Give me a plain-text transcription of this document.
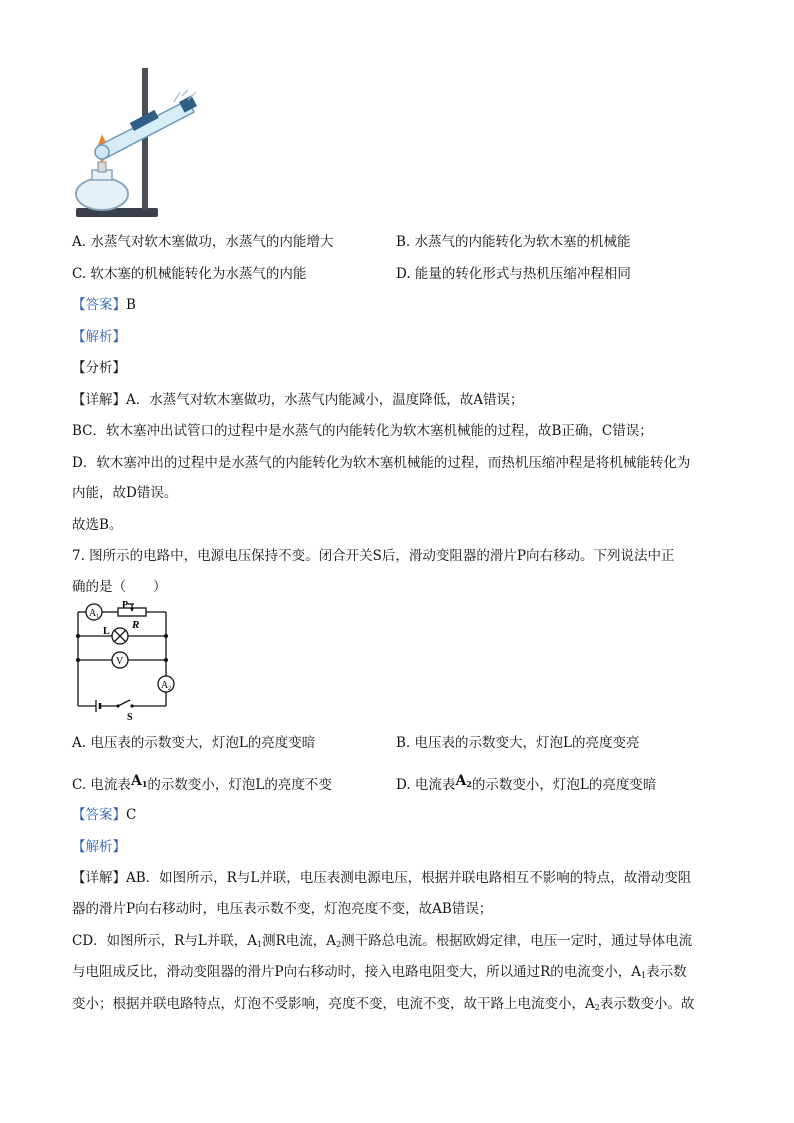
A. 水蒸气对软木塞做功，水蒸气的内能增大	B. 水蒸气的内能转化为软木塞的机械能
C. 软木塞的机械能转化为水蒸气的内能	D. 能量的转化形式与热机压缩冲程相同
【答案】B
【解析】
【分析】
【详解】A．水蒸气对软木塞做功，水蒸气内能减小，温度降低，故A错误；
BC．软木塞冲出试管口的过程中是水蒸气的内能转化为软木塞机械能的过程，故B正确，C错误；
D．软木塞冲出的过程中是水蒸气的内能转化为软木塞机械能的过程，而热机压缩冲程是将机械能转化为
内能，故D错误。
故选B。
7. 图所示的电路中，电源电压保持不变。闭合开关S后，滑动变阻器的滑片P向右移动。下列说法中正
确的是（　　）
A 1
V
A 2
P
R
L
S
A. 电压表的示数变大，灯泡L的亮度变暗	B. 电压表的示数变大，灯泡L的亮度变亮
C. 电流表$A_1$的示数变小，灯泡L的亮度不变	D. 电流表$A_2$的示数变小，灯泡L的亮度变暗
【答案】C
【解析】
【详解】AB．如图所示，R与L并联，电压表测电源电压，根据并联电路相互不影响的特点，故滑动变阻
器的滑片P向右移动时，电压表示数不变，灯泡亮度不变，故AB错误；
CD．如图所示，R与L并联，$A_1$测R电流，$A_2$测干路总电流。根据欧姆定律，电压一定时，通过导体电流
与电阻成反比，滑动变阻器的滑片P向右移动时，接入电路电阻变大，所以通过R的电流变小，$A_1$表示数
变小；根据并联电路特点，灯泡不受影响，亮度不变，电流不变，故干路上电流变小，$A_2$表示数变小。故
